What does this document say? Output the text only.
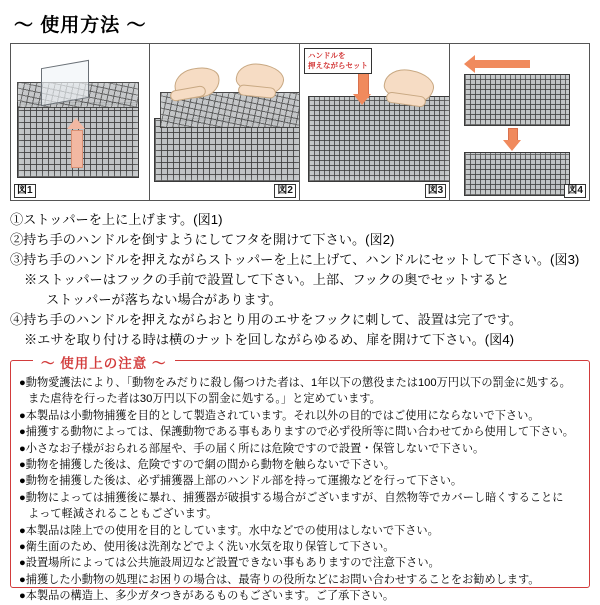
〜 使用方法 〜
図1	図2
ハンドルを
押えながらセット
図3	図4
①ストッパーを上に上げます。(図1)
②持ち手のハンドルを倒すようにしてフタを開けて下さい。(図2)
③持ち手のハンドルを押えながらストッパーを上に上げて、ハンドルにセットして下さい。(図3)
※ストッパーはフックの手前で設置して下さい。上部、フックの奥でセットすると
ストッパーが落ちない場合があります。
④持ち手のハンドルを押えながらおとり用のエサをフックに刺して、設置は完了です。
※エサを取り付ける時は横のナットを回しながらゆるめ、扉を開けて下さい。(図4)
〜 使用上の注意 〜
●動物愛護法により、「動物をみだりに殺し傷つけた者は、1年以下の懲役または100万円以下の罰金に処する。
また虐待を行った者は30万円以下の罰金に処する。」と定めています。
●本製品は小動物捕獲を目的として製造されています。それ以外の目的ではご使用にならないで下さい。
●捕獲する動物によっては、保護動物である事もありますので必ず役所等に問い合わせてから使用して下さい。
●小さなお子様がおられる部屋や、手の届く所には危険ですので設置・保管しないで下さい。
●動物を捕獲した後は、危険ですので網の間から動物を触らないで下さい。
●動物を捕獲した後は、必ず捕獲器上部のハンドル部を持って運搬などを行って下さい。
●動物によっては捕獲後に暴れ、捕獲器が破損する場合がございますが、自然物等でカバーし暗くすることに
よって軽減されることもございます。
●本製品は陸上での使用を目的としています。水中などでの使用はしないで下さい。
●衛生面のため、使用後は洗剤などでよく洗い水気を取り保管して下さい。
●設置場所によっては公共施設周辺など設置できない事もありますので注意下さい。
●捕獲した小動物の処理にお困りの場合は、最寄りの役所などにお問い合わせすることをお勧めします。
●本製品の構造上、多少ガタつきがあるものもございます。ご了承下さい。
